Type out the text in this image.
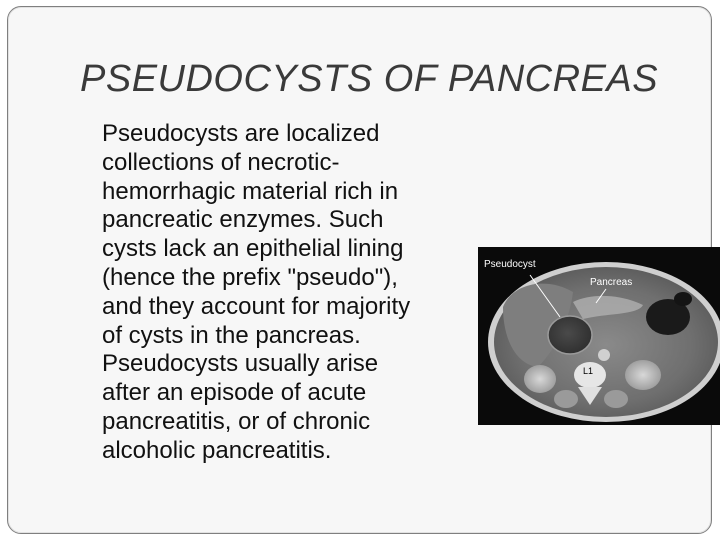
PSEUDOCYSTS OF PANCREAS
Pseudocysts are localized
collections of necrotic-
hemorrhagic material rich in
pancreatic enzymes. Such
cysts lack an epithelial lining
(hence the prefix "pseudo"),
and they account for majority
of cysts in the pancreas.
Pseudocysts usually arise
after an episode of acute
pancreatitis, or of chronic
alcoholic pancreatitis.
Pseudocyst
Pancreas
L1
